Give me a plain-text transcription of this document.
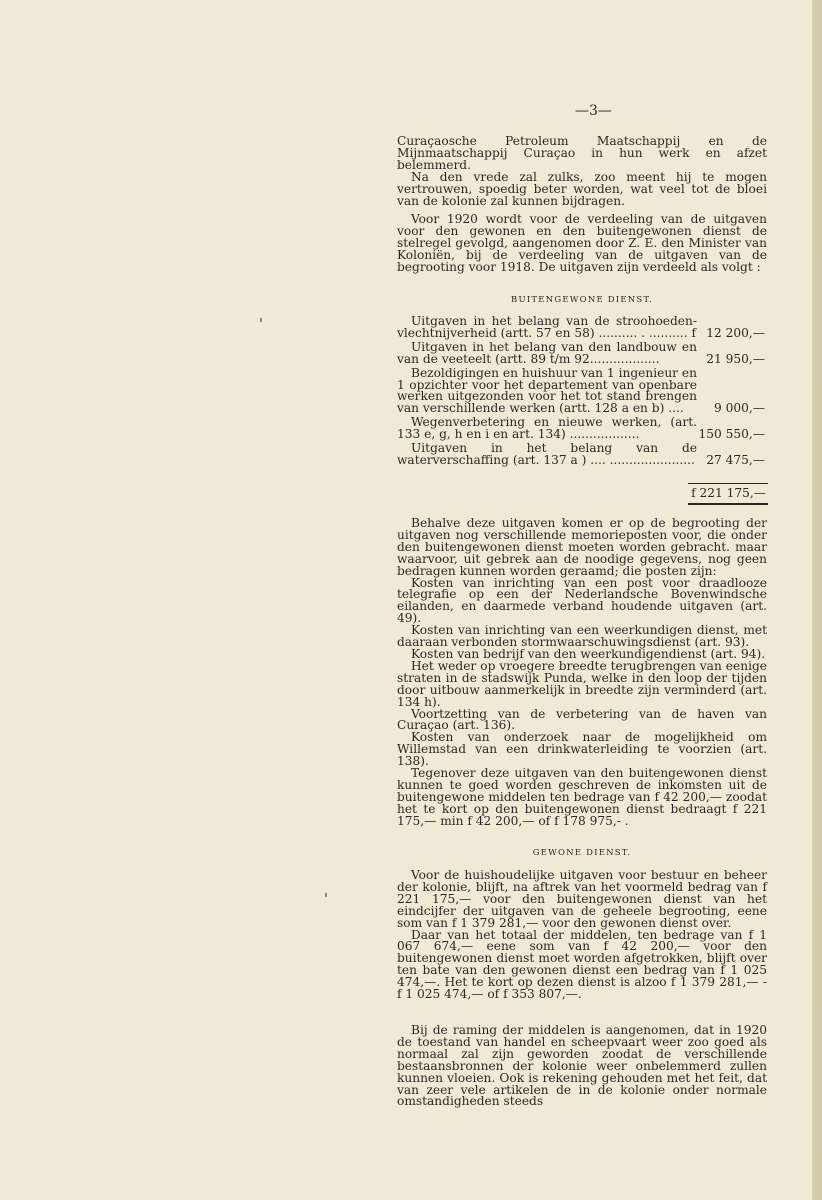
—3—

Curaçaosche Petroleum Maatschappij en de Mijnmaatschappij Curaçao in hun werk en afzet belemmerd.

Na den vrede zal zulks, zoo meent hij te mogen vertrouwen, spoedig beter worden, wat veel tot de bloei van de kolonie zal kunnen bijdragen.

Voor 1920 wordt voor de verdeeling van de uitgaven voor den gewonen en den buitengewonen dienst de stelregel gevolgd, aangenomen door Z. E. den Minister van Koloniën, bij de verdeeling van de uitgaven van de begrooting voor 1918. De uitgaven zijn verdeeld als volgt :

BUITENGEWONE DIENST.
Uitgaven in het belang van de stroohoeden-vlechtnijverheid (artt. 57 en 58) .......... . .......... f 12 200,—
Uitgaven in het belang van den landbouw en van de veeteelt (artt. 89 t/m 92..................	21 950,—
Bezoldigingen en huishuur van 1 ingenieur en 1 opzichter voor het departement van openbare werken uitgezonden voor het tot stand brengen van verschillende werken (artt. 128 a en b) ....	9 000,—
Wegenverbetering en nieuwe werken, (art. 133 e, g, h en i en art. 134) ..................	150 550,—
Uitgaven in het belang van de waterverschaffing (art. 137 a ) .... ...................... 27 475,—
f 221 175,—

Behalve deze uitgaven komen er op de begrooting der uitgaven nog verschillende memorieposten voor, die onder den buitengewonen dienst moeten worden gebracht. maar waarvoor, uit gebrek aan de noodige gegevens, nog geen bedragen kunnen worden geraamd; die posten zijn:

Kosten van inrichting van een post voor draadlooze telegrafie op een der Nederlandsche Bovenwindsche eilanden, en daarmede verband houdende uitgaven (art. 49).

Kosten van inrichting van een weerkundigen dienst, met daaraan verbonden stormwaarschuwingsdienst (art. 93).

Kosten van bedrijf van den weerkundigendienst (art. 94).

Het weder op vroegere breedte terugbrengen van eenige straten in de stadswijk Punda, welke in den loop der tijden door uitbouw aanmerkelijk in breedte zijn verminderd (art. 134 h).

Voortzetting van de verbetering van de haven van Curaçao (art. 136).

Kosten van onderzoek naar de mogelijkheid om Willemstad van een drinkwaterleiding te voorzien (art. 138).

Tegenover deze uitgaven van den buitengewonen dienst kunnen te goed worden geschreven de inkomsten uit de buitengewone middelen ten bedrage van f 42 200,— zoodat het te kort op den buitengewonen dienst bedraagt f 221 175,— min f 42 200,— of f 178 975,- .

GEWONE DIENST.

Voor de huishoudelijke uitgaven voor bestuur en beheer der kolonie, blijft, na aftrek van het voormeld bedrag van f 221 175,— voor den buitengewonen dienst van het eindcijfer der uitgaven van de geheele begrooting, eene som van f 1 379 281,— voor den gewonen dienst over.

Daar van het totaal der middelen, ten bedrage van f 1 067 674,— eene som van f 42 200,— voor den buitengewonen dienst moet worden afgetrokken, blijft over ten bate van den gewonen dienst een bedrag van f 1 025 474,—. Het te kort op dezen dienst is alzoo f 1 379 281,— - f 1 025 474,— of f 353 807,—.

Bij de raming der middelen is aangenomen, dat in 1920 de toestand van handel en scheepvaart weer zoo goed als normaal zal zijn geworden zoodat de verschillende bestaansbronnen der kolonie weer onbelemmerd zullen kunnen vloeien. Ook is rekening gehouden met het feit, dat van zeer vele artikelen de in de kolonie onder normale omstandigheden steeds
